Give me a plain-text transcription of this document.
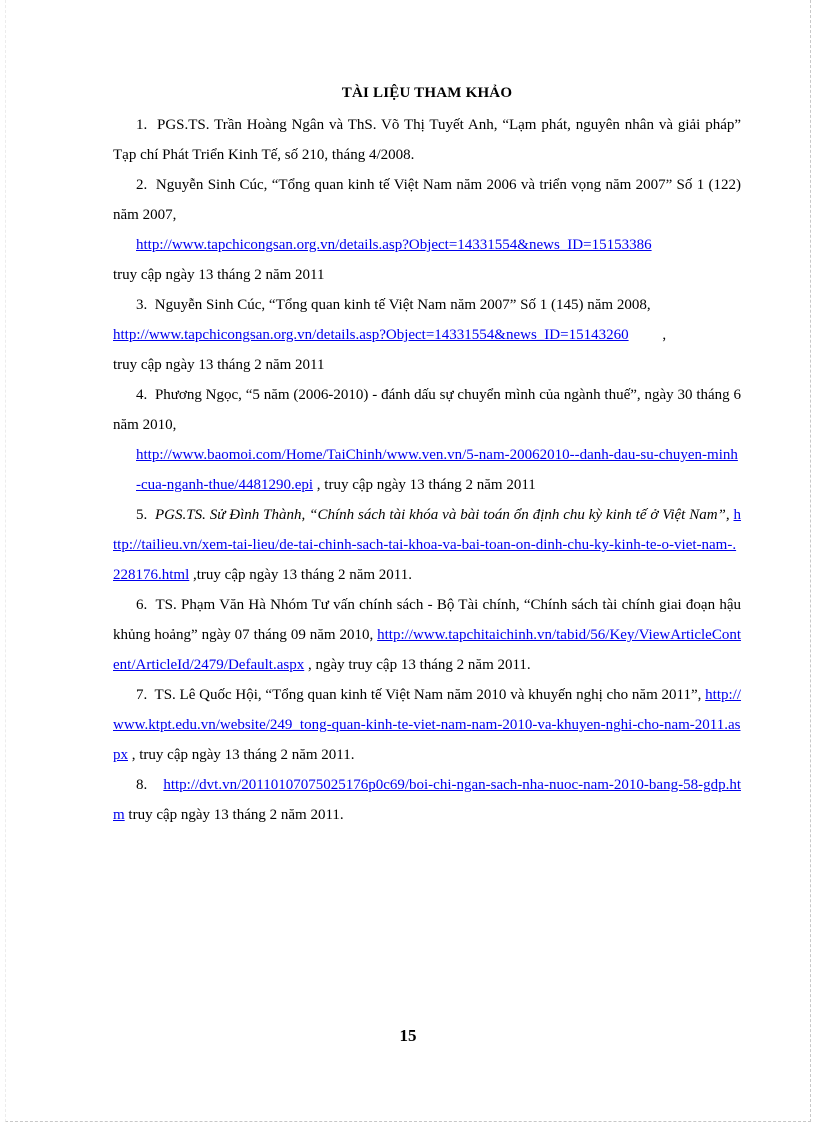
TÀI LIỆU THAM KHẢO

1. PGS.TS. Trần Hoàng Ngân và ThS. Võ Thị Tuyết Anh, “Lạm phát, nguyên nhân và giải pháp” Tạp chí Phát Triển Kinh Tế, số 210, tháng 4/2008.

2. Nguyễn Sinh Cúc, “Tổng quan kinh tế Việt Nam năm 2006 và triển vọng năm 2007” Số 1 (122) năm 2007,

http://www.tapchicongsan.org.vn/details.asp?Object=14331554&news_ID=15153386

truy cập ngày 13 tháng 2 năm 2011

3. Nguyễn Sinh Cúc, “Tổng quan kinh tế Việt Nam năm 2007” Số 1 (145) năm 2008,

http://www.tapchicongsan.org.vn/details.asp?Object=14331554&news_ID=15143260         ,

truy cập ngày 13 tháng 2 năm 2011

4. Phương Ngọc, “5 năm (2006-2010) - đánh dấu sự chuyển mình của ngành thuế”, ngày 30 tháng 6 năm 2010,

http://www.baomoi.com/Home/TaiChinh/www.ven.vn/5-nam-20062010--danh-dau-su-chuyen-minh-cua-nganh-thue/4481290.epi , truy cập ngày 13 tháng 2 năm 2011

5. PGS.TS. Sử Đình Thành, “Chính sách tài khóa và bài toán ổn định chu kỳ kinh tế ở Việt Nam”, http://tailieu.vn/xem-tai-lieu/de-tai-chinh-sach-tai-khoa-va-bai-toan-on-dinh-chu-ky-kinh-te-o-viet-nam-.228176.html ,truy cập ngày 13 tháng 2 năm 2011.

6. TS. Phạm Văn Hà Nhóm Tư vấn chính sách - Bộ Tài chính, “Chính sách tài chính giai đoạn hậu khủng hoảng” ngày 07 tháng 09 năm 2010, http://www.tapchitaichinh.vn/tabid/56/Key/ViewArticleContent/ArticleId/2479/Default.aspx , ngày truy cập 13 tháng 2 năm 2011.

7. TS. Lê Quốc Hội, “Tổng quan kinh tế Việt Nam năm 2010 và khuyến nghị cho năm 2011”, http://www.ktpt.edu.vn/website/249_tong-quan-kinh-te-viet-nam-nam-2010-va-khuyen-nghi-cho-nam-2011.aspx , truy cập ngày 13 tháng 2 năm 2011.

8. http://dvt.vn/20110107075025176p0c69/boi-chi-ngan-sach-nha-nuoc-nam-2010-bang-58-gdp.htm truy cập ngày 13 tháng 2 năm 2011.

15
